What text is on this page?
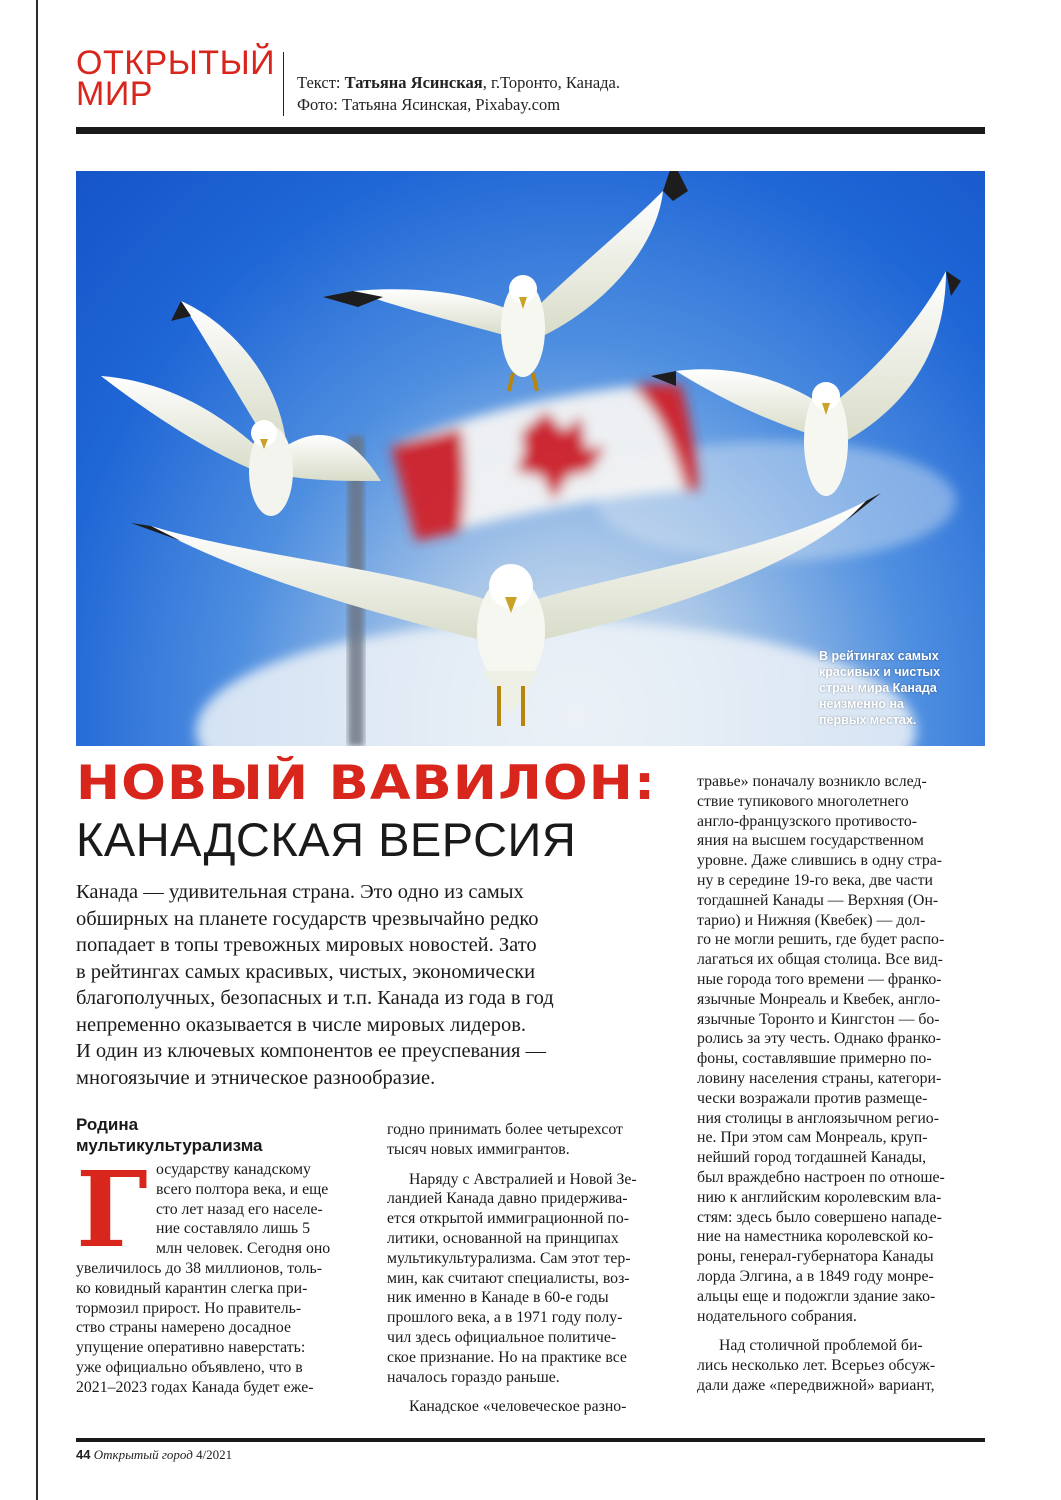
ОТКРЫТЫЙ
МИР	Текст: Татьяна Ясинская, г.Торонто, Канада.
Фото: Татьяна Ясинская, Pixabay.com
В рейтингах самых
красивых и чистых
стран мира Канада
неизменно на
первых местах.
НОВЫЙ ВАВИЛОН:
КАНАДСКАЯ ВЕРСИЯ
Канада — удивительная страна. Это одно из самых
обширных на планете государств чрезвычайно редко
попадает в топы тревожных мировых новостей. Зато
в рейтингах самых красивых, чистых, экономически
благополучных, безопасных и т.п. Канада из года в год
непременно оказывается в числе мировых лидеров.
И один из ключевых компонентов ее преуспевания —
многоязычие и этническое разнообразие.
Родина
мультикультурализма
Г осударству канадскому
всего полтора века, и еще
сто лет назад его населе-
ние составляло лишь 5
млн человек. Сегодня оно
увеличилось до 38 миллионов, толь-
ко ковидный карантин слегка при-
тормозил прирост. Но правитель-
ство страны намерено досадное
упущение оперативно наверстать:
уже официально объявлено, что в
2021–2023 годах Канада будет еже-
годно принимать более четырехсот
тысяч новых иммигрантов.
Наряду с Австралией и Новой Зе-
ландией Канада давно придержива-
ется открытой иммиграционной по-
литики, основанной на принципах
мультикультурализма. Сам этот тер-
мин, как считают специалисты, воз-
ник именно в Канаде в 60-е годы
прошлого века, а в 1971 году полу-
чил здесь официальное политиче-
ское признание. Но на практике все
началось гораздо раньше.
Канадское «человеческое разно-
травье» поначалу возникло вслед-
ствие тупикового многолетнего
англо-французского противосто-
яния на высшем государственном
уровне. Даже слившись в одну стра-
ну в середине 19-го века, две части
тогдашней Канады — Верхняя (Он-
тарио) и Нижняя (Квебек) — дол-
го не могли решить, где будет распо-
лагаться их общая столица. Все вид-
ные города того времени — франко-
язычные Монреаль и Квебек, англо-
язычные Торонто и Кингстон — бо-
ролись за эту честь. Однако франко-
фоны, составлявшие примерно по-
ловину населения страны, категори-
чески возражали против размеще-
ния столицы в англоязычном регио-
не. При этом сам Монреаль, круп-
нейший город тогдашней Канады,
был враждебно настроен по отноше-
нию к английским королевским вла-
стям: здесь было совершено нападе-
ние на наместника королевской ко-
роны, генерал-губернатора Канады
лорда Элгина, а в 1849 году монре-
альцы еще и подожгли здание зако-
нодательного собрания.
Над столичной проблемой би-
лись несколько лет. Всерьез обсуж-
дали даже «передвижной» вариант,
44 Открытый город 4/2021
